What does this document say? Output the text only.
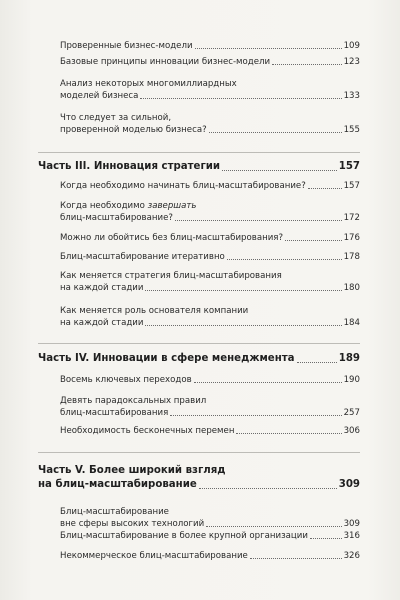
Проверенные бизнес-модели	109
Базовые принципы инновации бизнес-модели	123
Анализ некоторых многомиллиардных
моделей бизнеса	133
Что следует за сильной,
проверенной моделью бизнеса?	155
Часть III. Инновация стратегии	157
Когда необходимо начинать блиц-масштабирование?	157
Когда необходимо завершать
блиц-масштабирование?	172
Можно ли обойтись без блиц-масштабирования?	176
Блиц-масштабирование итеративно	178
Как меняется стратегия блиц-масштабирования
на каждой стадии	180
Как меняется роль основателя компании
на каждой стадии	184
Часть IV. Инновации в сфере менеджмента	189
Восемь ключевых переходов	190
Девять парадоксальных правил
блиц-масштабирования	257
Необходимость бесконечных перемен	306
Часть V. Более широкий взгляд
на блиц-масштабирование	309
Блиц-масштабирование
вне сферы высоких технологий	309
Блиц-масштабирование в более крупной организации	316
Некоммерческое блиц-масштабирование	326
